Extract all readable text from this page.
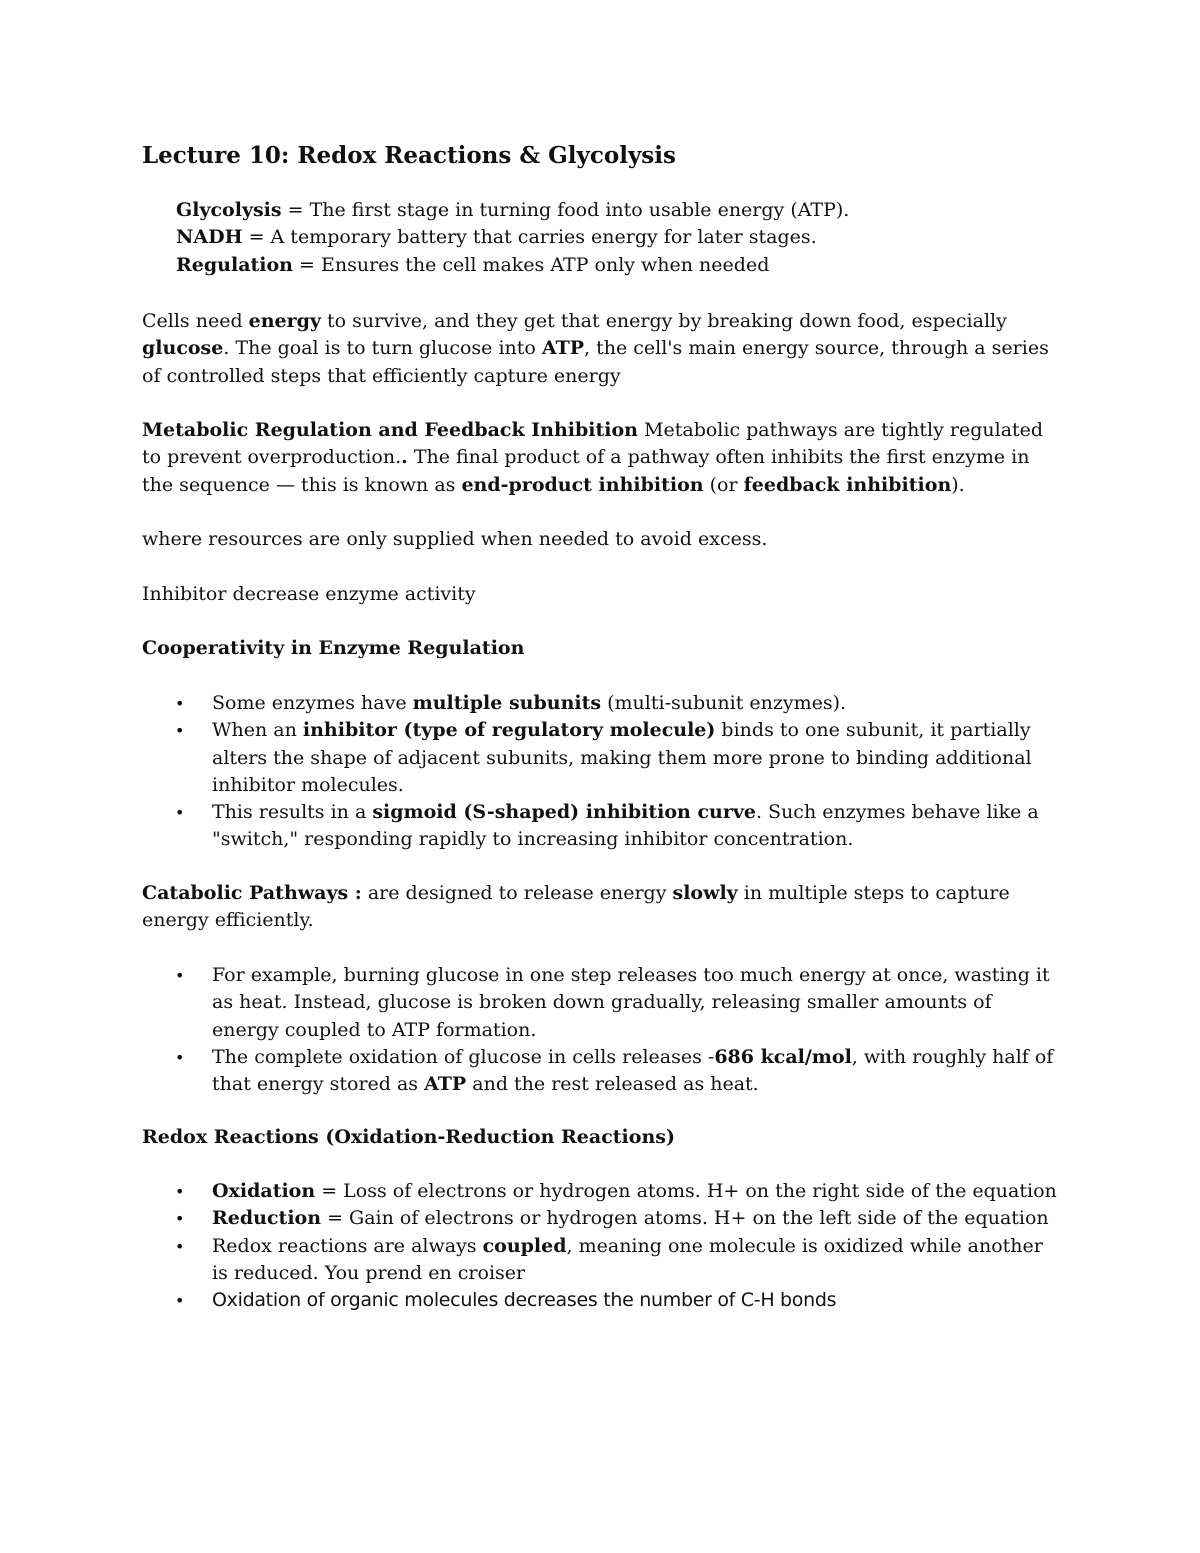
Lecture 10: Redox Reactions & Glycolysis
Glycolysis = The first stage in turning food into usable energy (ATP).
NADH = A temporary battery that carries energy for later stages.
Regulation = Ensures the cell makes ATP only when needed

Cells need energy to survive, and they get that energy by breaking down food, especially glucose. The goal is to turn glucose into ATP, the cell's main energy source, through a series of controlled steps that efficiently capture energy

Metabolic Regulation and Feedback Inhibition Metabolic pathways are tightly regulated to prevent overproduction.. The final product of a pathway often inhibits the first enzyme in the sequence — this is known as end-product inhibition (or feedback inhibition).

where resources are only supplied when needed to avoid excess.

Inhibitor decrease enzyme activity

Cooperativity in Enzyme Regulation

• Some enzymes have multiple subunits (multi-subunit enzymes).
• When an inhibitor (type of regulatory molecule) binds to one subunit, it partially alters the shape of adjacent subunits, making them more prone to binding additional inhibitor molecules.
• This results in a sigmoid (S-shaped) inhibition curve. Such enzymes behave like a "switch," responding rapidly to increasing inhibitor concentration.

Catabolic Pathways : are designed to release energy slowly in multiple steps to capture energy efficiently.

• For example, burning glucose in one step releases too much energy at once, wasting it as heat. Instead, glucose is broken down gradually, releasing smaller amounts of energy coupled to ATP formation.
• The complete oxidation of glucose in cells releases -686 kcal/mol, with roughly half of that energy stored as ATP and the rest released as heat.

Redox Reactions (Oxidation-Reduction Reactions)

• Oxidation = Loss of electrons or hydrogen atoms. H+ on the right side of the equation
• Reduction = Gain of electrons or hydrogen atoms. H+ on the left side of the equation
• Redox reactions are always coupled, meaning one molecule is oxidized while another is reduced. You prend en croiser
• Oxidation of organic molecules decreases the number of C-H bonds
